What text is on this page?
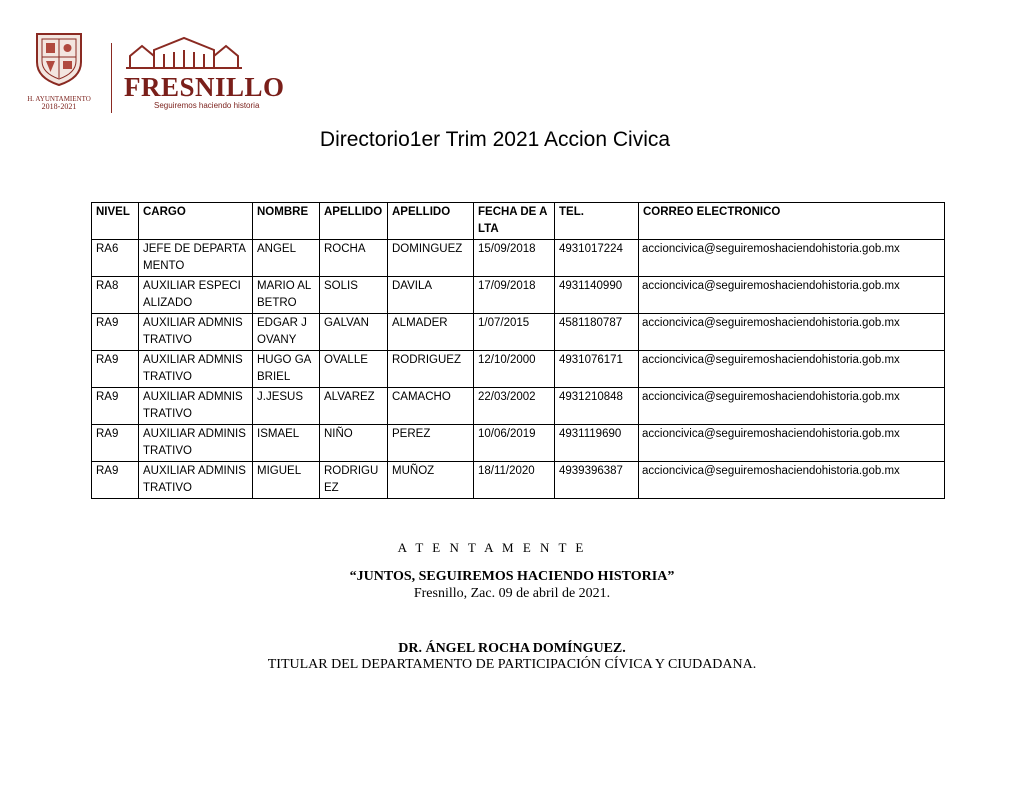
H. AYUNTAMIENTO
2018-2021
FRESNILLO
Seguiremos haciendo historia
Directorio1er Trim 2021 Accion Civica
NIVEL	CARGO	NOMBRE	APELLIDO	APELLIDO	FECHA DE ALTA	TEL.	CORREO ELECTRONICO
RA6	JEFE DE DEPARTAMENTO	ANGEL	ROCHA	DOMINGUEZ	15/09/2018	4931017224	accioncivica@seguiremoshaciendohistoria.gob.mx
RA8	AUXILIAR ESPECIALIZADO	MARIO ALBETRO	SOLIS	DAVILA	17/09/2018	4931140990	accioncivica@seguiremoshaciendohistoria.gob.mx
RA9	AUXILIAR ADMNISTRATIVO	EDGAR JOVANY	GALVAN	ALMADER	1/07/2015	4581180787	accioncivica@seguiremoshaciendohistoria.gob.mx
RA9	AUXILIAR ADMNISTRATIVO	HUGO GABRIEL	OVALLE	RODRIGUEZ	12/10/2000	4931076171	accioncivica@seguiremoshaciendohistoria.gob.mx
RA9	AUXILIAR ADMNISTRATIVO	J.JESUS	ALVAREZ	CAMACHO	22/03/2002	4931210848	accioncivica@seguiremoshaciendohistoria.gob.mx
RA9	AUXILIAR ADMINISTRATIVO	ISMAEL	NIÑO	PEREZ	10/06/2019	4931119690	accioncivica@seguiremoshaciendohistoria.gob.mx
RA9	AUXILIAR ADMINISTRATIVO	MIGUEL	RODRIGUEZ	MUÑOZ	18/11/2020	4939396387	accioncivica@seguiremoshaciendohistoria.gob.mx
A T E N T A M E N T E
“JUNTOS, SEGUIREMOS HACIENDO HISTORIA”
Fresnillo, Zac. 09 de abril de 2021.
DR. ÁNGEL ROCHA DOMÍNGUEZ.
TITULAR DEL DEPARTAMENTO DE PARTICIPACIÓN CÍVICA Y CIUDADANA.
